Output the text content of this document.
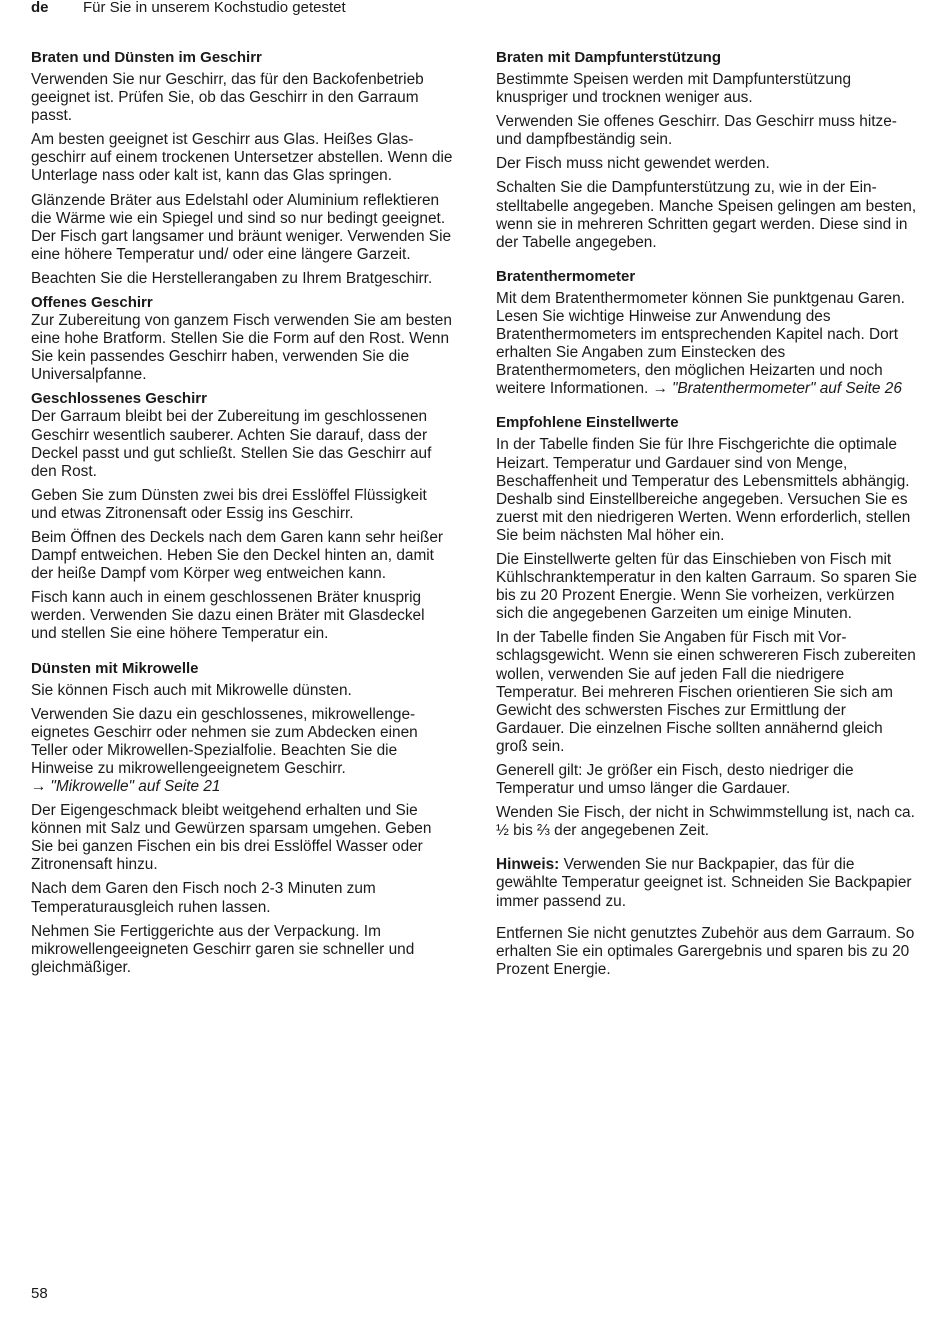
de	Für Sie in unserem Kochstudio getestet
Braten und Dünsten im Geschirr

Verwenden Sie nur Geschirr, das für den Backofenbetrieb geeignet ist. Prüfen Sie, ob das Geschirr in den Garraum passt.

Am besten geeignet ist Geschirr aus Glas. Heißes Glasgeschirr auf einem trockenen Untersetzer abstellen. Wenn die Unterlage nass oder kalt ist, kann das Glas springen.

Glänzende Bräter aus Edelstahl oder Aluminium reflektieren die Wärme wie ein Spiegel und sind so nur bedingt geeignet. Der Fisch gart langsamer und bräunt weniger. Verwenden Sie eine höhere Temperatur und/ oder eine längere Garzeit.

Beachten Sie die Herstellerangaben zu Ihrem Bratgeschirr.

Offenes Geschirr

Zur Zubereitung von ganzem Fisch verwenden Sie am besten eine hohe Bratform. Stellen Sie die Form auf den Rost. Wenn Sie kein passendes Geschirr haben, verwenden Sie die Universalpfanne.

Geschlossenes Geschirr

Der Garraum bleibt bei der Zubereitung im geschlossenen Geschirr wesentlich sauberer. Achten Sie darauf, dass der Deckel passt und gut schließt. Stellen Sie das Geschirr auf den Rost.

Geben Sie zum Dünsten zwei bis drei Esslöffel Flüssigkeit und etwas Zitronensaft oder Essig ins Geschirr.

Beim Öffnen des Deckels nach dem Garen kann sehr heißer Dampf entweichen. Heben Sie den Deckel hinten an, damit der heiße Dampf vom Körper weg entweichen kann.

Fisch kann auch in einem geschlossenen Bräter knusprig werden. Verwenden Sie dazu einen Bräter mit Glasdeckel und stellen Sie eine höhere Temperatur ein.

Dünsten mit Mikrowelle

Sie können Fisch auch mit Mikrowelle dünsten.

Verwenden Sie dazu ein geschlossenes, mikrowellengeeignetes Geschirr oder nehmen sie zum Abdecken einen Teller oder Mikrowellen-Spezialfolie. Beachten Sie die Hinweise zu mikrowellengeeignetem Geschirr.
→ "Mikrowelle" auf Seite 21

Der Eigengeschmack bleibt weitgehend erhalten und Sie können mit Salz und Gewürzen sparsam umgehen. Geben Sie bei ganzen Fischen ein bis drei Esslöffel Wasser oder Zitronensaft hinzu.

Nach dem Garen den Fisch noch 2-3 Minuten zum Temperaturausgleich ruhen lassen.

Nehmen Sie Fertiggerichte aus der Verpackung. Im mikrowellengeeigneten Geschirr garen sie schneller und gleichmäßiger.

Braten mit Dampfunterstützung

Bestimmte Speisen werden mit Dampfunterstützung knuspriger und trocknen weniger aus.

Verwenden Sie offenes Geschirr. Das Geschirr muss hitze- und dampfbeständig sein.

Der Fisch muss nicht gewendet werden.

Schalten Sie die Dampfunterstützung zu, wie in der Einstelltabelle angegeben. Manche Speisen gelingen am besten, wenn sie in mehreren Schritten gegart werden. Diese sind in der Tabelle angegeben.

Bratenthermometer

Mit dem Bratenthermometer können Sie punktgenau Garen. Lesen Sie wichtige Hinweise zur Anwendung des Bratenthermometers im entsprechenden Kapitel nach. Dort erhalten Sie Angaben zum Einstecken des Bratenthermometers, den möglichen Heizarten und noch weitere Informationen. → "Bratenthermometer" auf Seite 26

Empfohlene Einstellwerte

In der Tabelle finden Sie für Ihre Fischgerichte die optimale Heizart. Temperatur und Gardauer sind von Menge, Beschaffenheit und Temperatur des Lebensmittels abhängig. Deshalb sind Einstellbereiche angegeben. Versuchen Sie es zuerst mit den niedrigeren Werten. Wenn erforderlich, stellen Sie beim nächsten Mal höher ein.

Die Einstellwerte gelten für das Einschieben von Fisch mit Kühlschranktemperatur in den kalten Garraum. So sparen Sie bis zu 20 Prozent Energie. Wenn Sie vorheizen, verkürzen sich die angegebenen Garzeiten um einige Minuten.

In der Tabelle finden Sie Angaben für Fisch mit Vorschlagsgewicht. Wenn sie einen schwereren Fisch zubereiten wollen, verwenden Sie auf jeden Fall die niedrigere Temperatur. Bei mehreren Fischen orientieren Sie sich am Gewicht des schwersten Fisches zur Ermittlung der Gardauer. Die einzelnen Fische sollten annähernd gleich groß sein.

Generell gilt: Je größer ein Fisch, desto niedriger die Temperatur und umso länger die Gardauer.

Wenden Sie Fisch, der nicht in Schwimmstellung ist, nach ca. ½ bis ⅔ der angegebenen Zeit.

Hinweis: Verwenden Sie nur Backpapier, das für die gewählte Temperatur geeignet ist. Schneiden Sie Backpapier immer passend zu.

Entfernen Sie nicht genutztes Zubehör aus dem Garraum. So erhalten Sie ein optimales Garergebnis und sparen bis zu 20 Prozent Energie.

58
